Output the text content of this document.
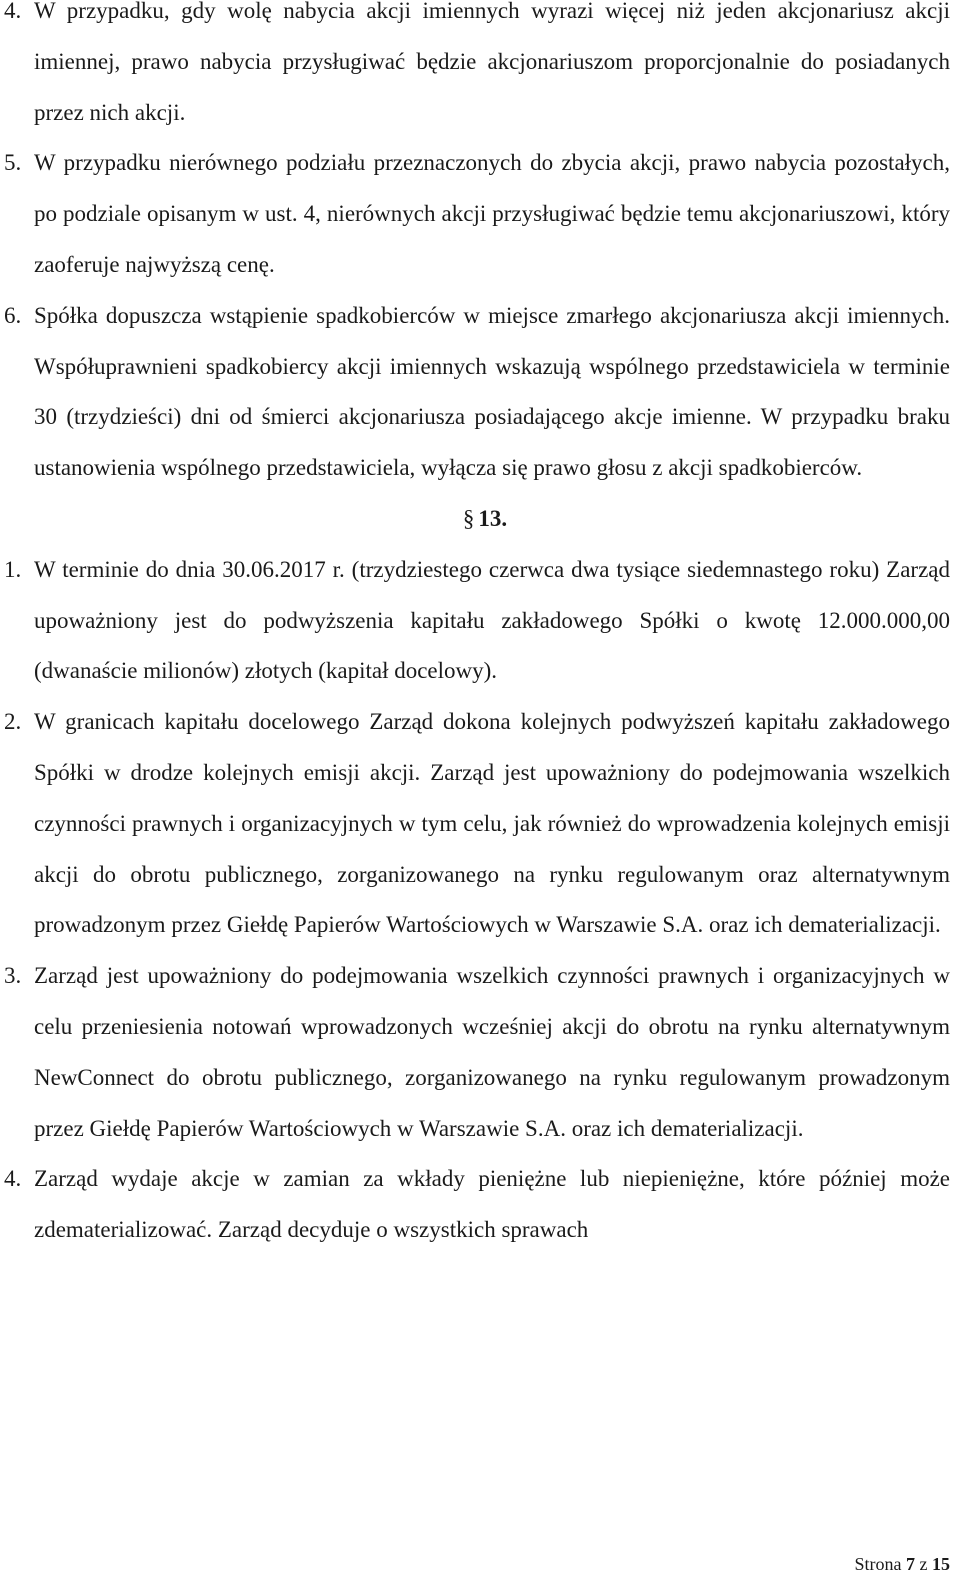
4. W przypadku, gdy wolę nabycia akcji imiennych wyrazi więcej niż jeden akcjonariusz akcji imiennej, prawo nabycia przysługiwać będzie akcjonariuszom proporcjonalnie do posiadanych przez nich akcji.
5. W przypadku nierównego podziału przeznaczonych do zbycia akcji, prawo nabycia pozostałych, po podziale opisanym w ust. 4, nierównych akcji przysługiwać będzie temu akcjonariuszowi, który zaoferuje najwyższą cenę.
6. Spółka dopuszcza wstąpienie spadkobierców w miejsce zmarłego akcjonariusza akcji imiennych. Współuprawnieni spadkobiercy akcji imiennych wskazują wspólnego przedstawiciela w terminie 30 (trzydzieści) dni od śmierci akcjonariusza posiadającego akcje imienne. W przypadku braku ustanowienia wspólnego przedstawiciela, wyłącza się prawo głosu z akcji spadkobierców.
§ 13.
1. W terminie do dnia 30.06.2017 r. (trzydziestego czerwca dwa tysiące siedemnastego roku) Zarząd upoważniony jest do podwyższenia kapitału zakładowego Spółki o kwotę 12.000.000,00 (dwanaście milionów) złotych (kapitał docelowy).
2. W granicach kapitału docelowego Zarząd dokona kolejnych podwyższeń kapitału zakładowego Spółki w drodze kolejnych emisji akcji. Zarząd jest upoważniony do podejmowania wszelkich czynności prawnych i organizacyjnych w tym celu, jak również do wprowadzenia kolejnych emisji akcji do obrotu publicznego, zorganizowanego na rynku regulowanym oraz alternatywnym prowadzonym przez Giełdę Papierów Wartościowych w Warszawie S.A. oraz ich dematerializacji.
3. Zarząd jest upoważniony do podejmowania wszelkich czynności prawnych i organizacyjnych w celu przeniesienia notowań wprowadzonych wcześniej akcji do obrotu na rynku alternatywnym NewConnect do obrotu publicznego, zorganizowanego na rynku regulowanym prowadzonym przez Giełdę Papierów Wartościowych w Warszawie S.A. oraz ich dematerializacji.
4. Zarząd wydaje akcje w zamian za wkłady pieniężne lub niepieniężne, które później może zdematerializować. Zarząd decyduje o wszystkich sprawach
Strona 7 z 15
